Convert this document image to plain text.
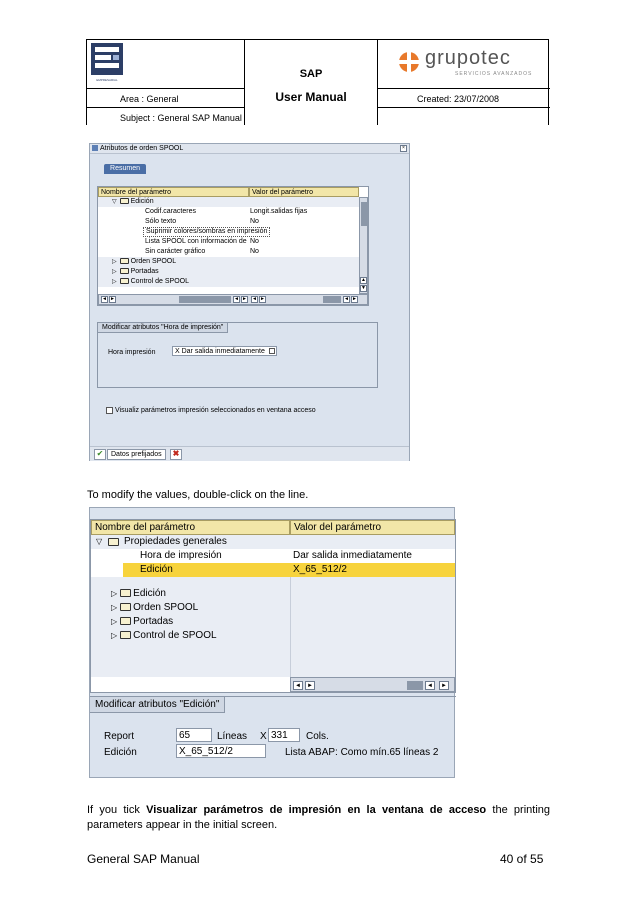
ECISA
EMPRESARIAL	SAP
User Manual
Area : General
Subject : General SAP Manual
Created: 23/07/2008
grupotec
SERVICIOS AVANZADOS
Atributos de orden SPOOL	×
Resumen
Nombre del parámetro	Valor del parámetro
▽ Edición
Codif.caracteres	Longit.salidas fijas
Sólo texto	No
Suprimir colores/sombras en impresión
Lista SPOOL con información de No
Sin carácter gráfico	No
▷ Orden SPOOL
▷ Portadas
▷ Control de SPOOL	▲
▼
◄ ►	◄ ► ◄ ►	◄ ►
Modificar atributos "Hora de impresión"
Hora impresión	X Dar salida inmediatamente
Visualiz parámetros impresión seleccionados en ventana acceso
✔	Datos prefijados	✖
To modify the values, double-click on the line.
Nombre del parámetro	Valor del parámetro
▽ Propiedades generales
Hora de impresión	Dar salida inmediatamente
Edición	X_65_512/2
▷ Edición
▷ Orden SPOOL
▷ Portadas
▷ Control de SPOOL
◄	►	◄	►
Modificar atributos "Edición"
Report	65	Líneas X 331	Cols.
Edición	X_65_512/2	Lista ABAP: Como mín.65 líneas 2
If you tick Visualizar parámetros de impresión en la ventana de acceso the printing parameters appear in the initial screen.
General SAP Manual	40 of 55
